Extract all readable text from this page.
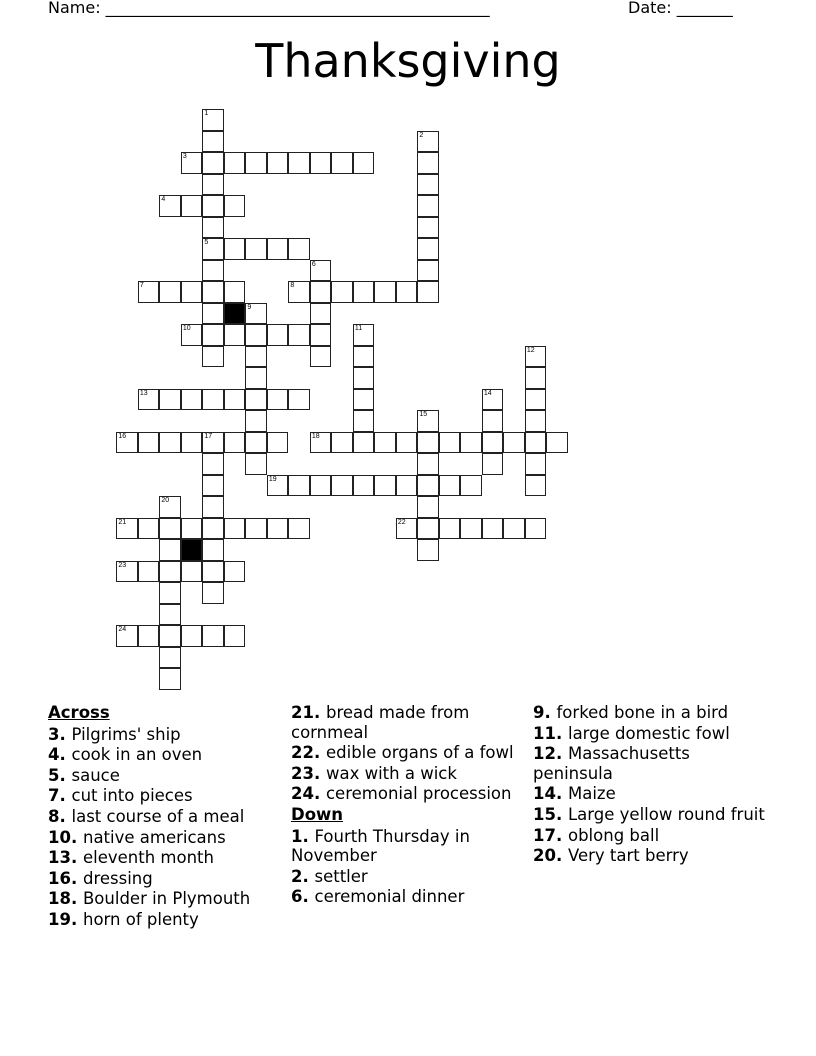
Name: ________________________________________________	Date: _______
Thanksgiving
1
5
2
3
4
6
7	8
9
10	11
12
13	14
15
16	17	18
19
20
21	22
23
24
Across
3. Pilgrims' ship
4. cook in an oven
5. sauce
7. cut into pieces
8. last course of a meal
10. native americans
13. eleventh month
16. dressing
18. Boulder in Plymouth
19. horn of plenty
21. bread made from cornmeal
22. edible organs of a fowl
23. wax with a wick
24. ceremonial procession
Down
1. Fourth Thursday in November
2. settler
6. ceremonial dinner
9. forked bone in a bird
11. large domestic fowl
12. Massachusetts peninsula
14. Maize
15. Large yellow round fruit
17. oblong ball
20. Very tart berry
